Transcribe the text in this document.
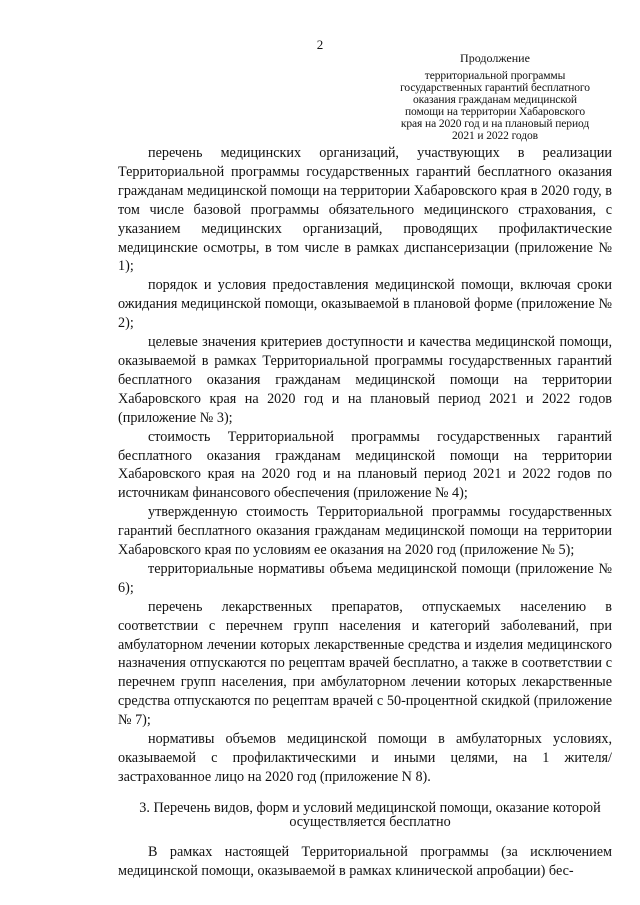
2
Продолжение
территориальной программы
государственных гарантий бесплатного
оказания гражданам медицинской
помощи на территории Хабаровского
края на 2020 год и на плановый период
2021 и 2022 годов

перечень медицинских организаций, участвующих в реализации Территориальной программы государственных гарантий бесплатного оказания гражданам медицинской помощи на территории Хабаровского края в 2020 году, в том числе базовой программы обязательного медицинского страхования, с указанием медицинских организаций, проводящих профилактические медицинские осмотры, в том числе в рамках диспансеризации (приложение № 1);

порядок и условия предоставления медицинской помощи, включая сроки ожидания медицинской помощи, оказываемой в плановой форме (приложение № 2);

целевые значения критериев доступности и качества медицинской помощи, оказываемой в рамках Территориальной программы государственных гарантий бесплатного оказания гражданам медицинской помощи на территории Хабаровского края на 2020 год и на плановый период 2021 и 2022 годов (приложение № 3);

стоимость Территориальной программы государственных гарантий бесплатного оказания гражданам медицинской помощи на территории Хабаровского края на 2020 год и на плановый период 2021 и 2022 годов по источникам финансового обеспечения (приложение № 4);

утвержденную стоимость Территориальной программы государственных гарантий бесплатного оказания гражданам медицинской помощи на территории Хабаровского края по условиям ее оказания на 2020 год (приложение № 5);

территориальные нормативы объема медицинской помощи (приложение № 6);

перечень лекарственных препаратов, отпускаемых населению в соответствии с перечнем групп населения и категорий заболеваний, при амбулаторном лечении которых лекарственные средства и изделия медицинского назначения отпускаются по рецептам врачей бесплатно, а также в соответствии с перечнем групп населения, при амбулаторном лечении которых лекарственные средства отпускаются по рецептам врачей с 50-процентной скидкой (приложение № 7);

нормативы объемов медицинской помощи в амбулаторных условиях, оказываемой с профилактическими и иными целями, на 1 жителя/застрахованное лицо на 2020 год (приложение N 8).

3. Перечень видов, форм и условий медицинской помощи, оказание которой осуществляется бесплатно

В рамках настоящей Территориальной программы (за исключением медицинской помощи, оказываемой в рамках клинической апробации) бес-
